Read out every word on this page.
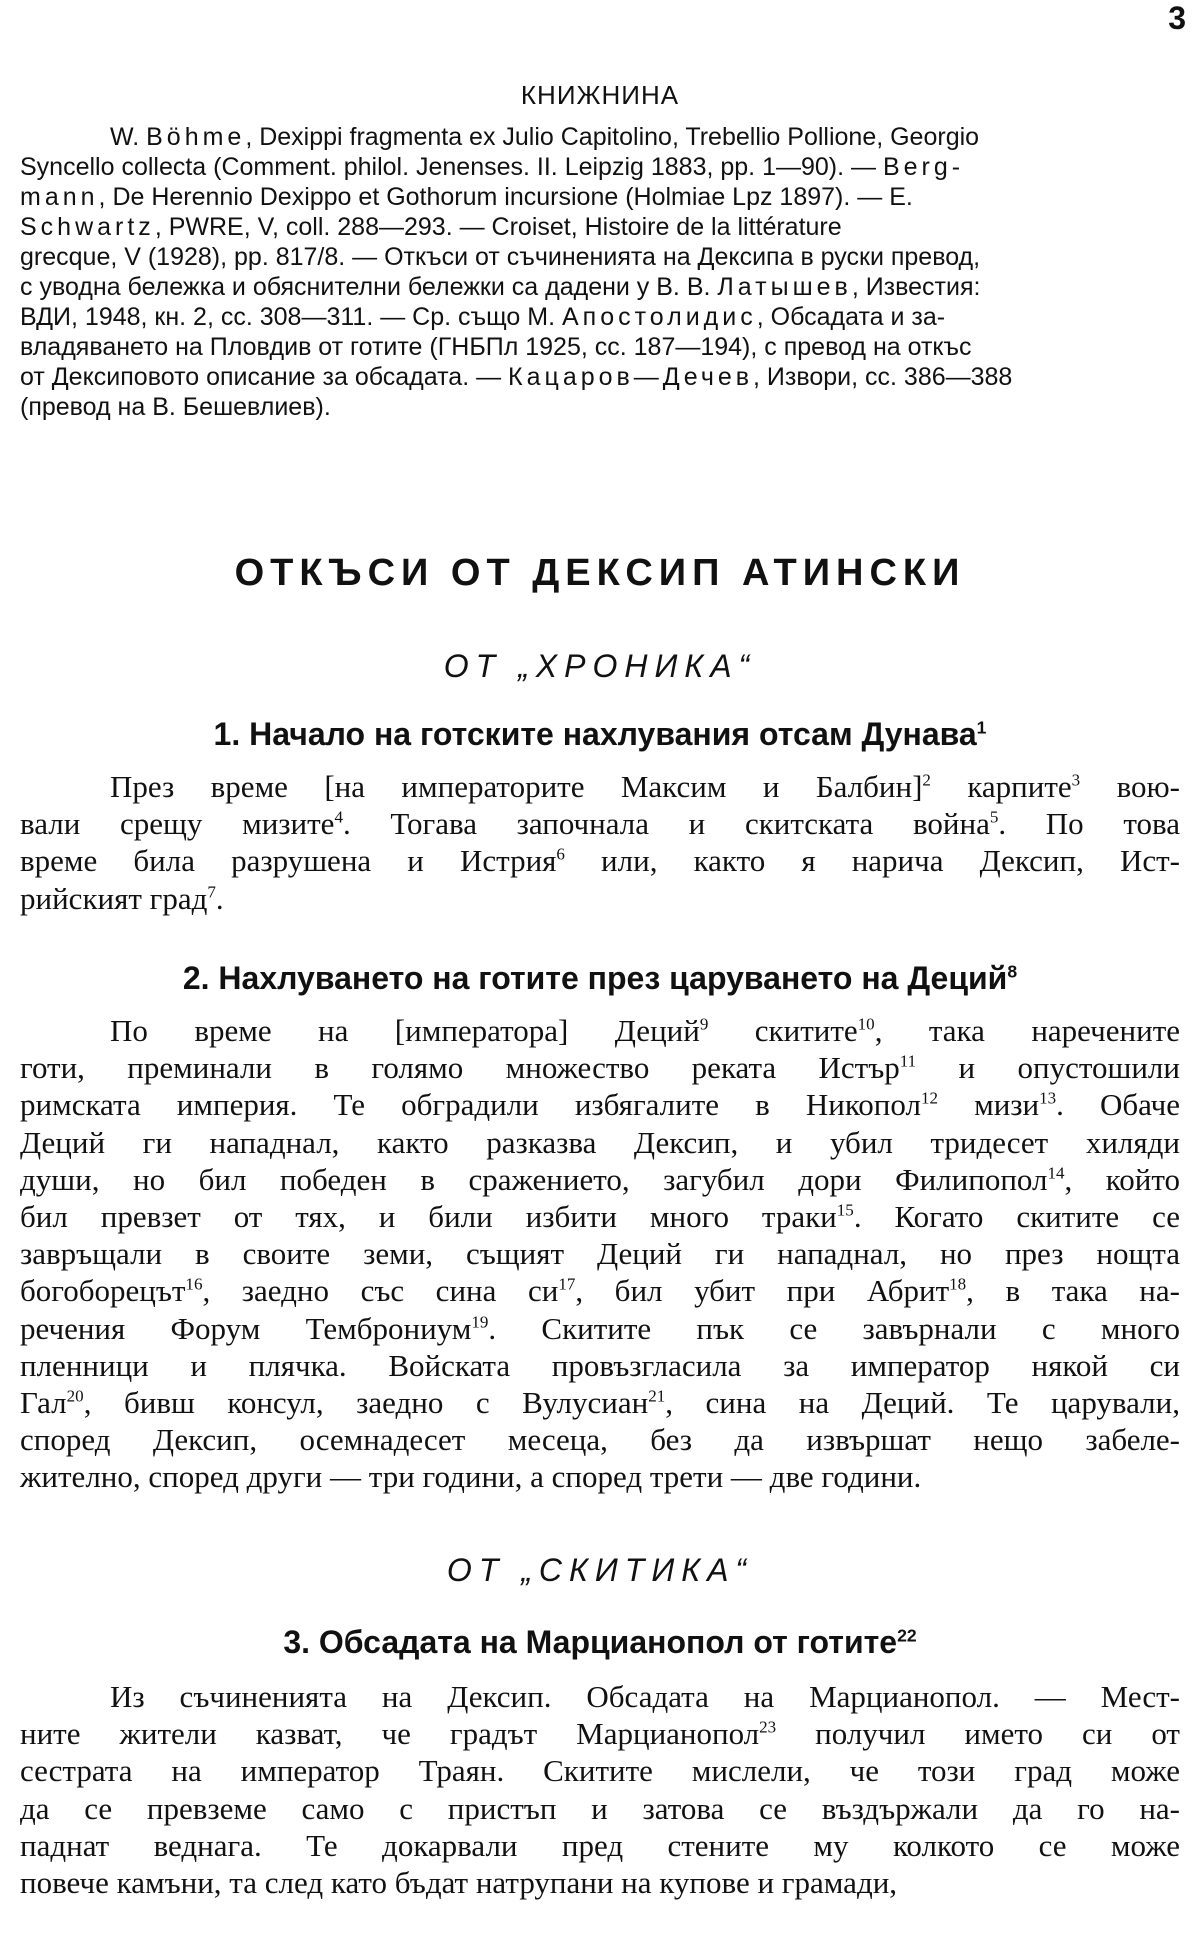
3
КНИЖНИНА
W. Böhme, Dexippi fragmenta ex Julio Capitolino, Trebellio Pollione, Georgio
Syncello collecta (Comment. philol. Jenenses. II. Leipzig 1883, pp. 1—90). — Berg-
mann, De Herennio Dexippo et Gothorum incursione (Holmiae Lpz 1897). — E.
Schwartz, PWRE, V, coll. 288—293. — Croiset, Histoire de la littérature
grecque, V (1928), pp. 817/8. — Откъси от съчиненията на Дексипа в руски превод,
с уводна бележка и обяснителни бележки са дадени у В. В. Латышев, Известия:
ВДИ, 1948, кн. 2, сс. 308—311. — Ср. също М. Апостолидис, Обсадата и за-
владяването на Пловдив от готите (ГНБПл 1925, сс. 187—194), с превод на откъс
от Дексиповото описание за обсадата. — Кацаров—Дечев, Извори, сс. 386—388
(превод на В. Бешевлиев).
ОТКЪСИ ОТ ДЕКСИП АТИНСКИ
ОТ „ХРОНИКА“
1. Начало на готските нахлувания отсам Дунава$^1$
През време [на императорите Максим и Балбин]$^2$ карпите$^3$ вою-
вали срещу мизите$^4$. Тогава започнала и скитската война$^5$. По това
време била разрушена и Истрия$^6$ или, както я нарича Дексип, Ист-
рийският град$^7$.
2. Нахлуването на готите през царуването на Деций$^8$
По време на [императора] Деций$^9$ скитите$^{10}$, така наречените
готи, преминали в голямо множество реката Истър$^{11}$ и опустошили
римската империя. Те обградили избягалите в Никопол$^{12}$ мизи$^{13}$. Обаче
Деций ги нападнал, както разказва Дексип, и убил тридесет хиляди
души, но бил победен в сражението, загубил дори Филипопол$^{14}$, който
бил превзет от тях, и били избити много траки$^{15}$. Когато скитите се
завръщали в своите земи, същият Деций ги нападнал, но през нощта
богоборецът$^{16}$, заедно със сина $си^{17}$, бил убит при Абрит$^{18}$, в така на-
речения Форум Темброниум$^{19}$. Скитите пък се завърнали с много
пленници и плячка. Войската провъзгласила за император някой си
Гал$^{20}$, бивш консул, заедно с Вулусиан$^{21}$, сина на Деций. Те царували,
според Дексип, осемнадесет месеца, без да извършат нещо забеле-
жително, според други — три години, а според трети — две години.
ОТ „СКИТИКА“
3. Обсадата на Марцианопол от готите$^{22}$
Из съчиненията на Дексип. Обсадата на Марцианопол. — Мест-
ните жители казват, че градът Марцианопол$^{23}$ получил името си от
сестрата на император Траян. Скитите мислели, че този град може
да се превземе само с пристъп и затова се въздържали да го на-
паднат веднага. Те докарвали пред стените му колкото се може
повече камъни, та след като бъдат натрупани на купове и грамади,
